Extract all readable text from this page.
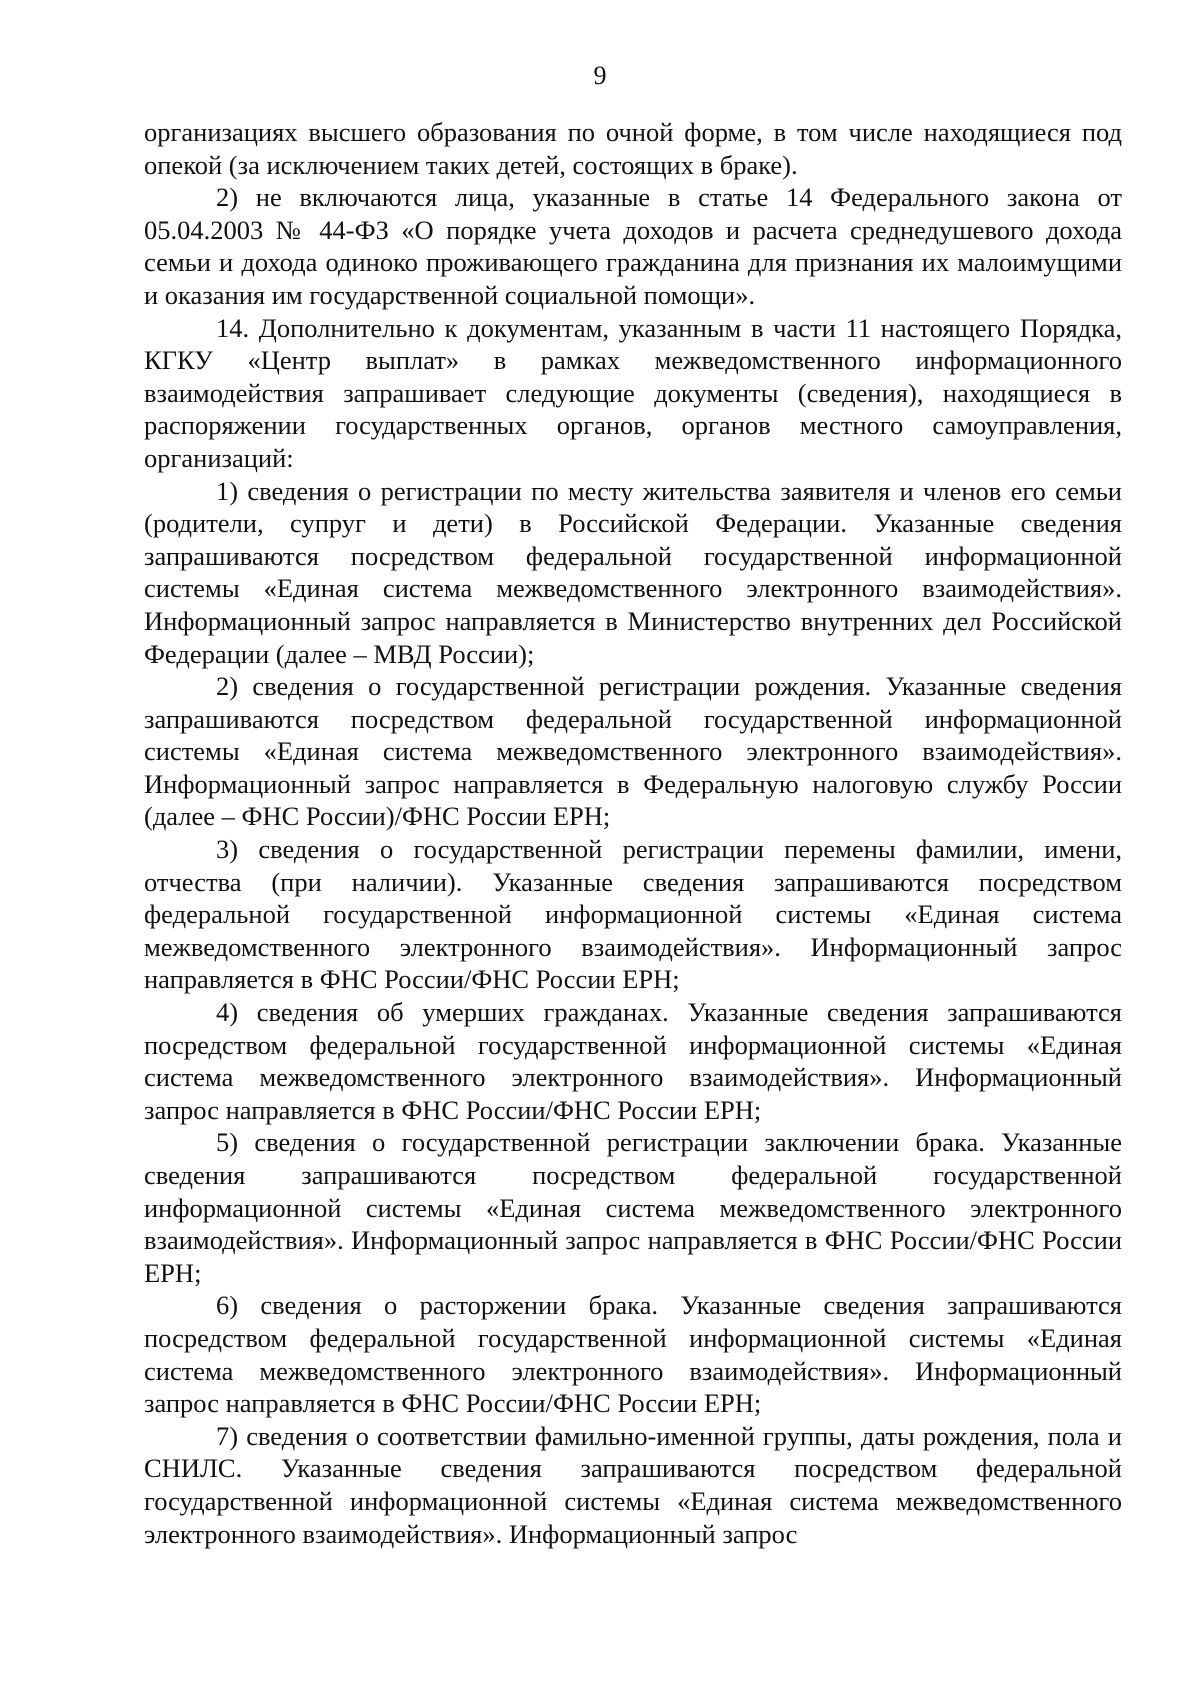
9

организациях высшего образования по очной форме, в том числе находящиеся под опекой (за исключением таких детей, состоящих в браке).

2) не включаются лица, указанные в статье 14 Федерального закона от 05.04.2003 № 44-ФЗ «О порядке учета доходов и расчета среднедушевого дохода семьи и дохода одиноко проживающего гражданина для признания их малоимущими и оказания им государственной социальной помощи».

14. Дополнительно к документам, указанным в части 11 настоящего Порядка, КГКУ «Центр выплат» в рамках межведомственного информационного взаимодействия запрашивает следующие документы (сведения), находящиеся в распоряжении государственных органов, органов местного самоуправления, организаций:

1) сведения о регистрации по месту жительства заявителя и членов его семьи (родители, супруг и дети) в Российской Федерации. Указанные сведения запрашиваются посредством федеральной государственной информационной системы «Единая система межведомственного электронного взаимодействия». Информационный запрос направляется в Министерство внутренних дел Российской Федерации (далее – МВД России);

2) сведения о государственной регистрации рождения. Указанные сведения запрашиваются посредством федеральной государственной информационной системы «Единая система межведомственного электронного взаимодействия». Информационный запрос направляется в Федеральную налоговую службу России (далее – ФНС России)/ФНС России ЕРН;

3) сведения о государственной регистрации перемены фамилии, имени, отчества (при наличии). Указанные сведения запрашиваются посредством федеральной государственной информационной системы «Единая система межведомственного электронного взаимодействия». Информационный запрос направляется в ФНС России/ФНС России ЕРН;

4) сведения об умерших гражданах. Указанные сведения запрашиваются посредством федеральной государственной информационной системы «Единая система межведомственного электронного взаимодействия». Информационный запрос направляется в ФНС России/ФНС России ЕРН;

5) сведения о государственной регистрации заключении брака. Указанные сведения запрашиваются посредством федеральной государственной информационной системы «Единая система межведомственного электронного взаимодействия». Информационный запрос направляется в ФНС России/ФНС России ЕРН;

6) сведения о расторжении брака. Указанные сведения запрашиваются посредством федеральной государственной информационной системы «Единая система межведомственного электронного взаимодействия». Информационный запрос направляется в ФНС России/ФНС России ЕРН;

7) сведения о соответствии фамильно-именной группы, даты рождения, пола и СНИЛС. Указанные сведения запрашиваются посредством федеральной государственной информационной системы «Единая система межведомственного электронного взаимодействия». Информационный запрос
